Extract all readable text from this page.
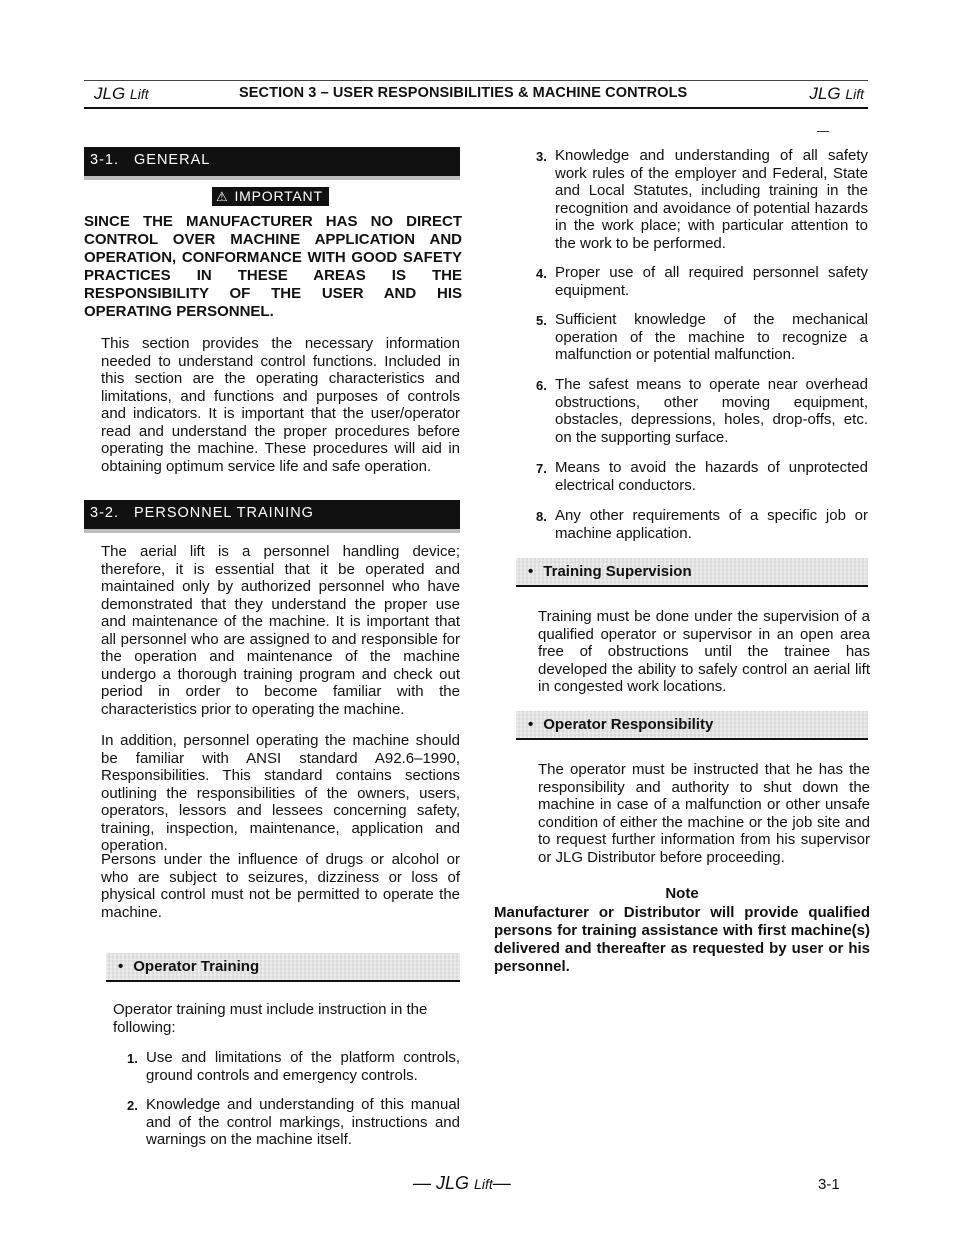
JLG Lift	SECTION 3 – USER RESPONSIBILITIES & MACHINE CONTROLS	JLG Lift
3-1. GENERAL
⚠ IMPORTANT
SINCE THE MANUFACTURER HAS NO DIRECT CONTROL OVER MACHINE APPLICATION AND OPERATION, CONFORMANCE WITH GOOD SAFETY PRACTICES IN THESE AREAS IS THE RESPONSIBILITY OF THE USER AND HIS OPERATING PERSONNEL.
This section provides the necessary information needed to understand control functions. Included in this section are the operating characteristics and limitations, and functions and purposes of controls and indicators. It is important that the user/operator read and understand the proper procedures before operating the machine. These procedures will aid in obtaining optimum service life and safe operation.
3-2. PERSONNEL TRAINING
The aerial lift is a personnel handling device; therefore, it is essential that it be operated and maintained only by authorized personnel who have demonstrated that they understand the proper use and maintenance of the machine. It is important that all personnel who are assigned to and responsible for the operation and maintenance of the machine undergo a thorough training program and check out period in order to become familiar with the characteristics prior to operating the machine.
In addition, personnel operating the machine should be familiar with ANSI standard A92.6–1990, Responsibilities. This standard contains sections outlining the responsibilities of the owners, users, operators, lessors and lessees concerning safety, training, inspection, maintenance, application and operation.
Persons under the influence of drugs or alcohol or who are subject to seizures, dizziness or loss of physical control must not be permitted to operate the machine.
• Operator Training
Operator training must include instruction in the following:
1. Use and limitations of the platform controls, ground controls and emergency controls.
2. Knowledge and understanding of this manual and of the control markings, instructions and warnings on the machine itself.
3. Knowledge and understanding of all safety work rules of the employer and Federal, State and Local Statutes, including training in the recognition and avoidance of potential hazards in the work place; with particular attention to the work to be performed.
4. Proper use of all required personnel safety equipment.
5. Sufficient knowledge of the mechanical operation of the machine to recognize a malfunction or potential malfunction.
6. The safest means to operate near overhead obstructions, other moving equipment, obstacles, depressions, holes, drop-offs, etc. on the supporting surface.
7. Means to avoid the hazards of unprotected electrical conductors.
8. Any other requirements of a specific job or machine application.
• Training Supervision
Training must be done under the supervision of a qualified operator or supervisor in an open area free of obstructions until the trainee has developed the ability to safely control an aerial lift in congested work locations.
• Operator Responsibility
The operator must be instructed that he has the responsibility and authority to shut down the machine in case of a malfunction or other unsafe condition of either the machine or the job site and to request further information from his supervisor or JLG Distributor before proceeding.
Note
Manufacturer or Distributor will provide qualified persons for training assistance with first machine(s) delivered and thereafter as requested by user or his personnel.
— JLG Lift—	3-1
